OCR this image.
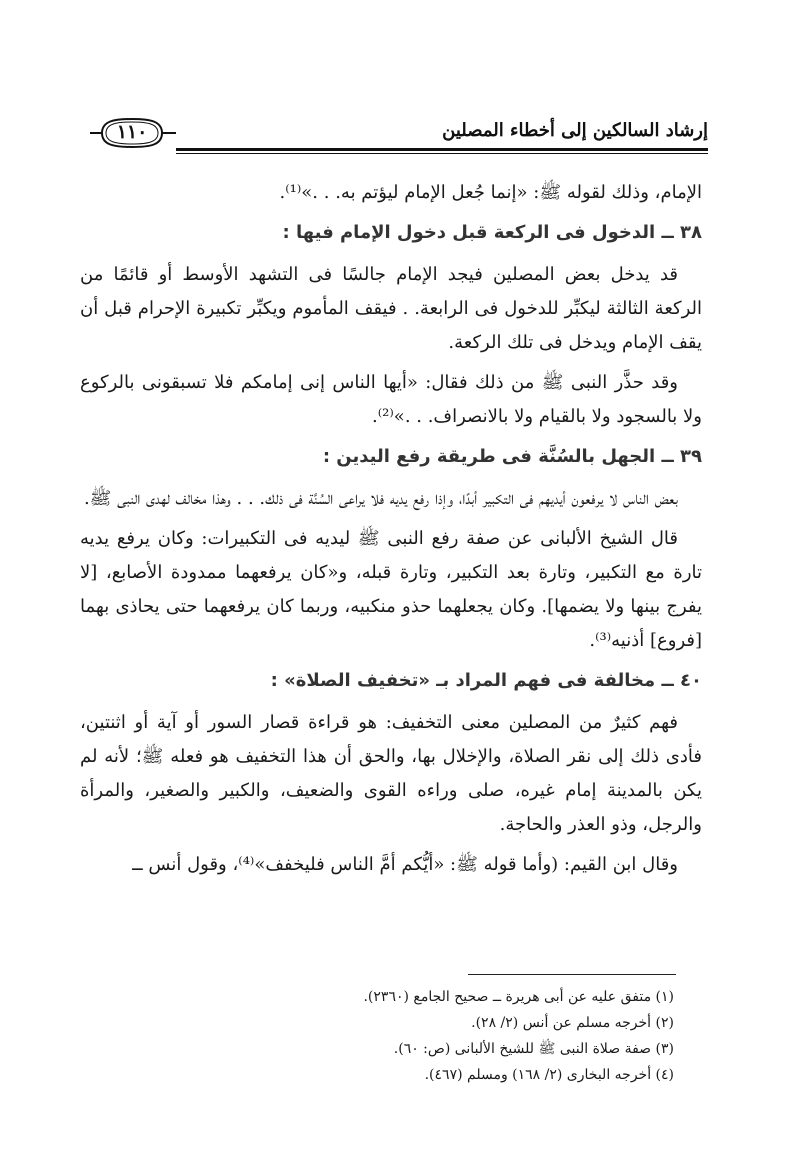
١١٠	إرشاد السالكين إلى أخطاء المصلين

الإمام، وذلك لقوله ﷺ: «إنما جُعل الإمام ليؤتم به. . .»⁽¹⁾.

٣٨ ــ الدخول فى الركعة قبل دخول الإمام فيها :

قد يدخل بعض المصلين فيجد الإمام جالسًا فى التشهد الأوسط أو قائمًا من الركعة الثالثة ليكبِّر للدخول فى الرابعة. . فيقف المأموم ويكبِّر تكبيرة الإحرام قبل أن يقف الإمام ويدخل فى تلك الركعة.

وقد حذَّر النبى ﷺ من ذلك فقال: «أيها الناس إنى إمامكم فلا تسبقونى بالركوع ولا بالسجود ولا بالقيام ولا بالانصراف. . .»⁽²⁾.

٣٩ ــ الجهل بالسُنَّة فى طريقة رفع اليدين :

بعض الناس لا يرفعون أيديهم فى التكبير أبدًا، وإذا رفع يديه فلا يراعى السُنَّة فى ذلك. . . وهذا مخالف لهدى النبى ﷺ.

قال الشيخ الألبانى عن صفة رفع النبى ﷺ ليديه فى التكبيرات: وكان يرفع يديه تارة مع التكبير، وتارة بعد التكبير، وتارة قبله، و«كان يرفعهما ممدودة الأصابع، [لا يفرج بينها ولا يضمها]. وكان يجعلهما حذو منكبيه، وربما كان يرفعهما حتى يحاذى بهما [فروع] أذنيه⁽³⁾.

٤٠ ــ مخالفة فى فهم المراد بـ «تخفيف الصلاة» :

فهم كثيرٌ من المصلين معنى التخفيف: هو قراءة قصار السور أو آية أو اثنتين، فأدى ذلك إلى نقر الصلاة، والإخلال بها، والحق أن هذا التخفيف هو فعله ﷺ؛ لأنه لم يكن بالمدينة إمام غيره، صلى وراءه القوى والضعيف، والكبير والصغير، والمرأة والرجل، وذو العذر والحاجة.

وقال ابن القيم: (وأما قوله ﷺ: «أيُّكم أمَّ الناس فليخفف»⁽⁴⁾، وقول أنس ــ

(١) متفق عليه عن أبى هريرة ــ صحيح الجامع (٢٣٦٠).
(٢) أخرجه مسلم عن أنس (٢/ ٢٨).
(٣) صفة صلاة النبى ﷺ للشيخ الألبانى (ص: ٦٠).
(٤) أخرجه البخارى (٢/ ١٦٨) ومسلم (٤٦٧).
